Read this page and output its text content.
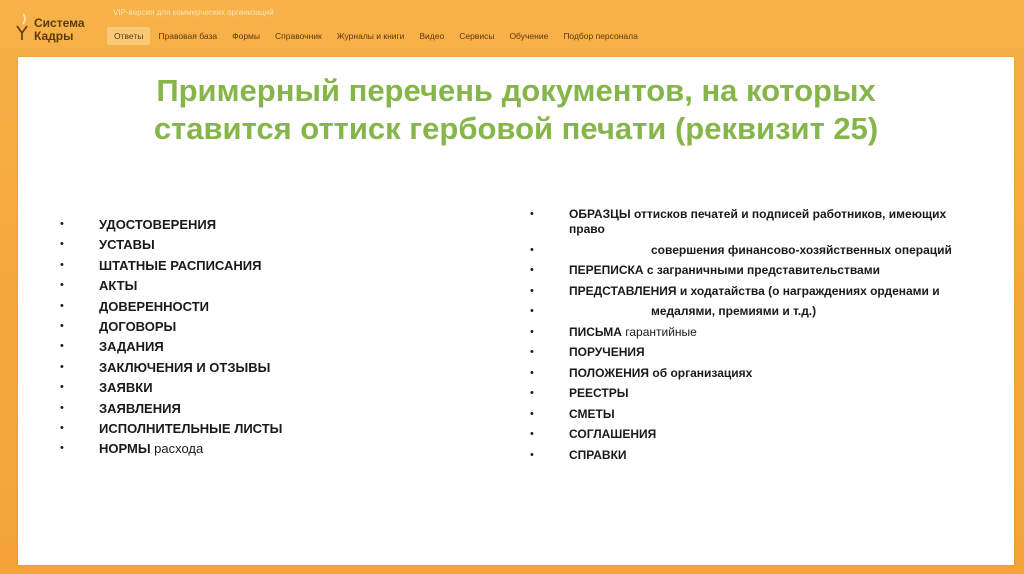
Система
Кадры
VIP-версия для коммерческих организаций
Ответы	Правовая база	Формы	Справочник	Журналы и книги	Видео	Сервисы	Обучение	Подбор персонала
Примерный перечень документов, на которых
ставится оттиск гербовой печати (реквизит 25)
•	УДОСТОВЕРЕНИЯ
•	УСТАВЫ
•	ШТАТНЫЕ РАСПИСАНИЯ
•	АКТЫ
•	ДОВЕРЕННОСТИ
•	ДОГОВОРЫ
•	ЗАДАНИЯ
•	ЗАКЛЮЧЕНИЯ И ОТЗЫВЫ
•	ЗАЯВКИ
•	ЗАЯВЛЕНИЯ
•	ИСПОЛНИТЕЛЬНЫЕ ЛИСТЫ
•	НОРМЫ расхода
•	ОБРАЗЦЫ оттисков печатей и подписей работников, имеющих право
•	совершения финансово-хозяйственных операций
•	ПЕРЕПИСКА с заграничными представительствами
•	ПРЕДСТАВЛЕНИЯ и ходатайства (о награждениях орденами и
•	медалями, премиями и т.д.)
•	ПИСЬМА гарантийные
•	ПОРУЧЕНИЯ
•	ПОЛОЖЕНИЯ об организациях
•	РЕЕСТРЫ
•	СМЕТЫ
•	СОГЛАШЕНИЯ
•	СПРАВКИ
